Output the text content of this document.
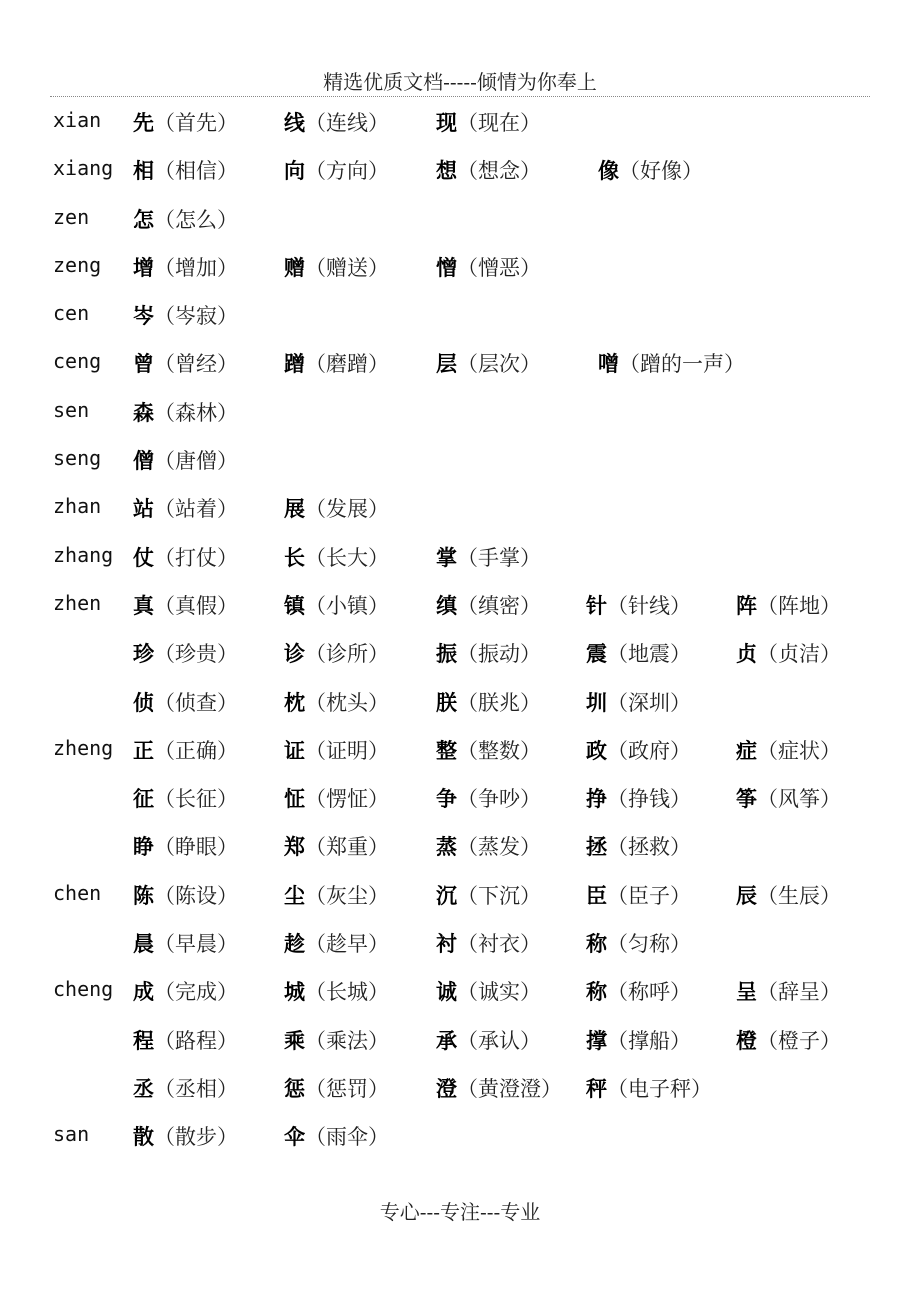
精选优质文档-----倾情为你奉上
xian 先（首先） 线（连线） 现（现在）
xiang 相（相信） 向（方向） 想（想念）	像（好像）
zen 怎（怎么）
zeng 增（增加） 赠（赠送） 憎（憎恶）
cen 岑（岑寂）
ceng 曾（曾经） 蹭（磨蹭） 层（层次）	噌（蹭的一声）
sen 森（森林）
seng 僧（唐僧）
zhan 站（站着） 展（发展）
zhang 仗（打仗） 长（长大） 掌（手掌）
zhen 真（真假） 镇（小镇） 缜（缜密） 针（针线） 阵（阵地）
珍（珍贵） 诊（诊所） 振（振动） 震（地震） 贞（贞洁）
侦（侦查） 枕（枕头） 朕（朕兆） 圳（深圳）
zheng 正（正确） 证（证明） 整（整数） 政（政府） 症（症状）
征（长征） 怔（愣怔） 争（争吵） 挣（挣钱） 筝（风筝）
睁（睁眼） 郑（郑重） 蒸（蒸发） 拯（拯救）
chen 陈（陈设） 尘（灰尘） 沉（下沉） 臣（臣子） 辰（生辰）
晨（早晨） 趁（趁早） 衬（衬衣） 称（匀称）
cheng 成（完成） 城（长城） 诚（诚实） 称（称呼） 呈（辞呈）
程（路程） 乘（乘法） 承（承认） 撑（撑船） 橙（橙子）
丞（丞相） 惩（惩罚） 澄（黄澄澄） 秤（电子秤）
san 散（散步） 伞（雨伞）
专心---专注---专业
